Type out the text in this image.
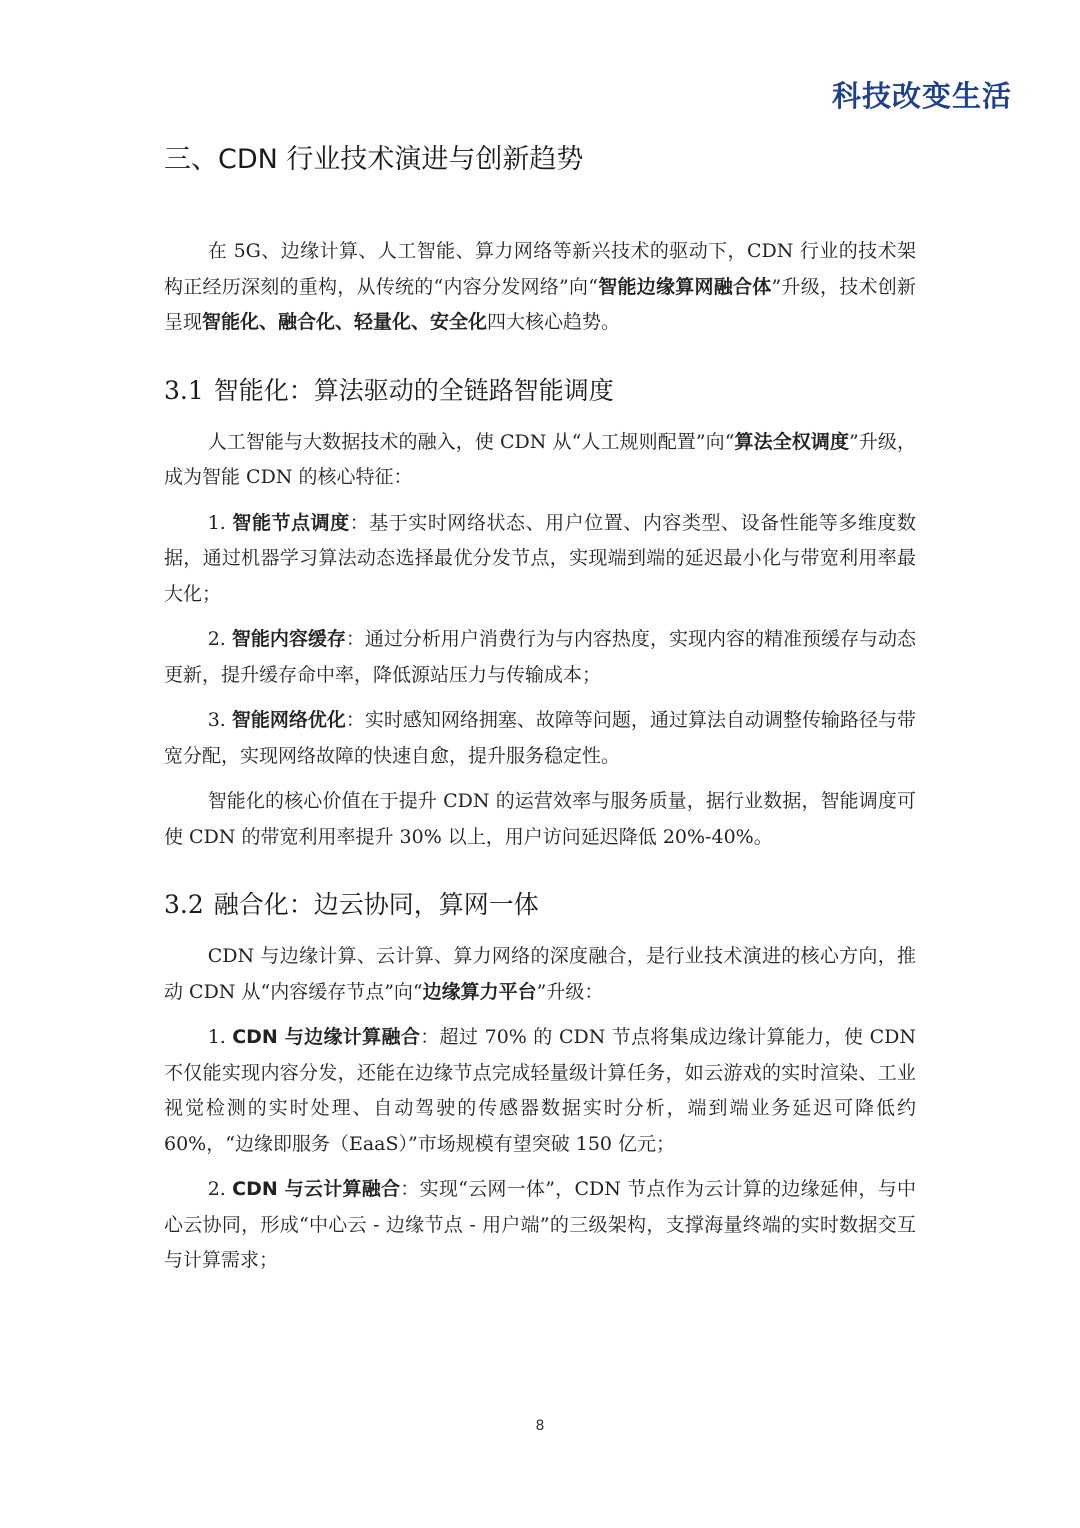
科技改变生活
三、CDN 行业技术演进与创新趋势

在 5G、边缘计算、人工智能、算力网络等新兴技术的驱动下，CDN 行业的技术架构正经历深刻的重构，从传统的“内容分发网络”向“智能边缘算网融合体”升级，技术创新呈现智能化、融合化、轻量化、安全化四大核心趋势。

3.1 智能化：算法驱动的全链路智能调度

人工智能与大数据技术的融入，使 CDN 从“人工规则配置”向“算法全权调度”升级，成为智能 CDN 的核心特征：

1. 智能节点调度：基于实时网络状态、用户位置、内容类型、设备性能等多维度数据，通过机器学习算法动态选择最优分发节点，实现端到端的延迟最小化与带宽利用率最大化；

2. 智能内容缓存：通过分析用户消费行为与内容热度，实现内容的精准预缓存与动态更新，提升缓存命中率，降低源站压力与传输成本；

3. 智能网络优化：实时感知网络拥塞、故障等问题，通过算法自动调整传输路径与带宽分配，实现网络故障的快速自愈，提升服务稳定性。

智能化的核心价值在于提升 CDN 的运营效率与服务质量，据行业数据，智能调度可使 CDN 的带宽利用率提升 30% 以上，用户访问延迟降低 20%-40%。

3.2 融合化：边云协同，算网一体

CDN 与边缘计算、云计算、算力网络的深度融合，是行业技术演进的核心方向，推动 CDN 从“内容缓存节点”向“边缘算力平台”升级：

1. CDN 与边缘计算融合：超过 70% 的 CDN 节点将集成边缘计算能力，使 CDN 不仅能实现内容分发，还能在边缘节点完成轻量级计算任务，如云游戏的实时渲染、工业视觉检测的实时处理、自动驾驶的传感器数据实时分析，端到端业务延迟可降低约 60%，“边缘即服务（EaaS）”市场规模有望突破 150 亿元；

2. CDN 与云计算融合：实现“云网一体”，CDN 节点作为云计算的边缘延伸，与中心云协同，形成“中心云 - 边缘节点 - 用户端”的三级架构，支撑海量终端的实时数据交互与计算需求；

8
